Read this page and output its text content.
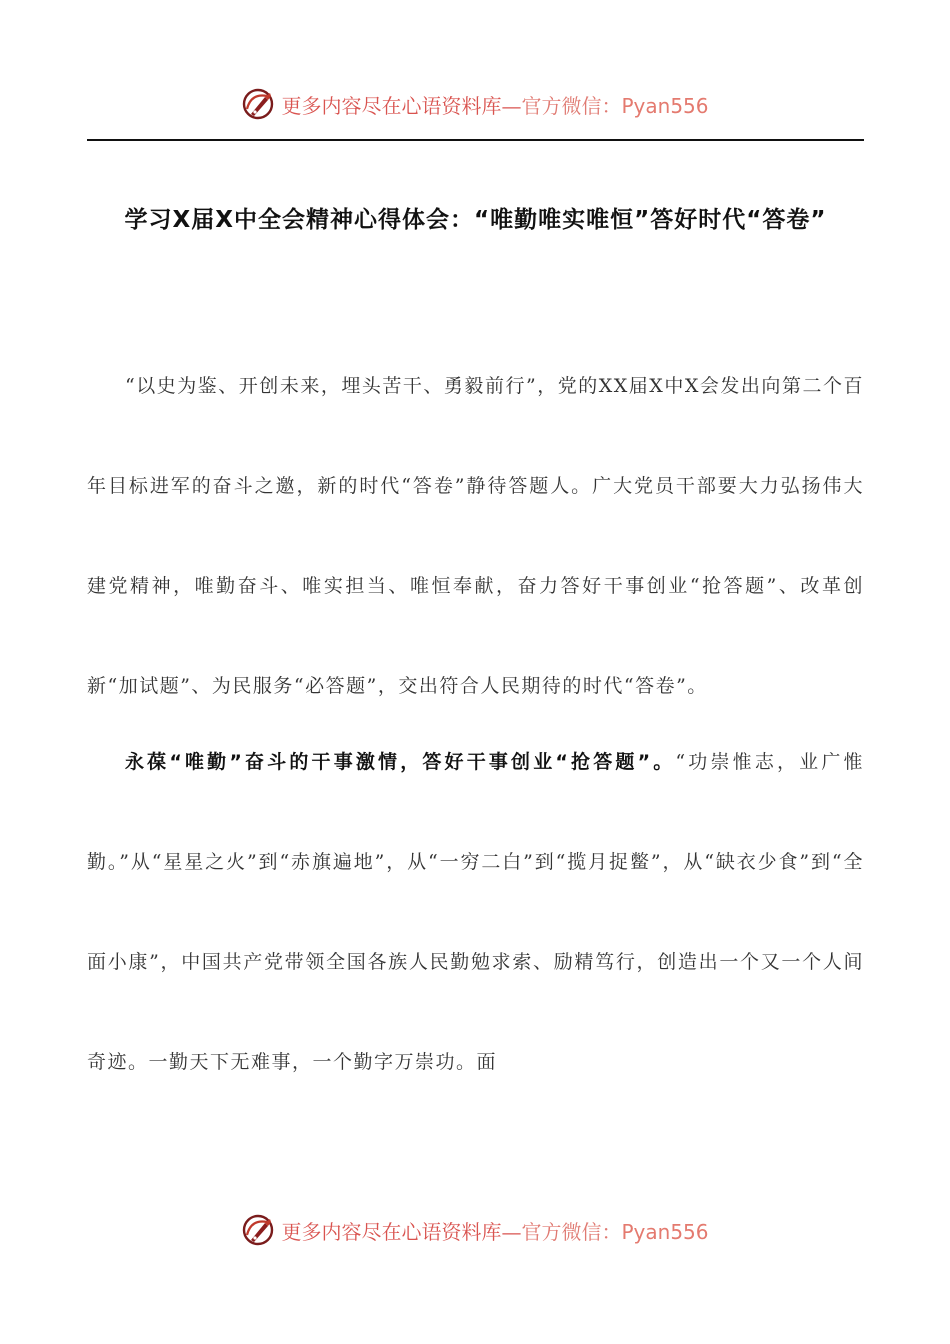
更多内容尽在心语资料库—官方微信：Pyan556
学习X届X中全会精神心得体会：“唯勤唯实唯恒”答好时代“答卷”

“以史为鉴、开创未来，埋头苦干、勇毅前行”，党的XX届X中X会发出向第二个百年目标进军的奋斗之邀，新的时代“答卷”静待答题人。广大党员干部要大力弘扬伟大建党精神，唯勤奋斗、唯实担当、唯恒奉献，奋力答好干事创业“抢答题”、改革创新“加试题”、为民服务“必答题”，交出符合人民期待的时代“答卷”。

永葆“唯勤”奋斗的干事激情，答好干事创业“抢答题”。“功崇惟志，业广惟勤。”从“星星之火”到“赤旗遍地”，从“一穷二白”到“揽月捉鳖”，从“缺衣少食”到“全面小康”，中国共产党带领全国各族人民勤勉求索、励精笃行，创造出一个又一个人间奇迹。一勤天下无难事，一个勤字万崇功。面

更多内容尽在心语资料库—官方微信：Pyan556
